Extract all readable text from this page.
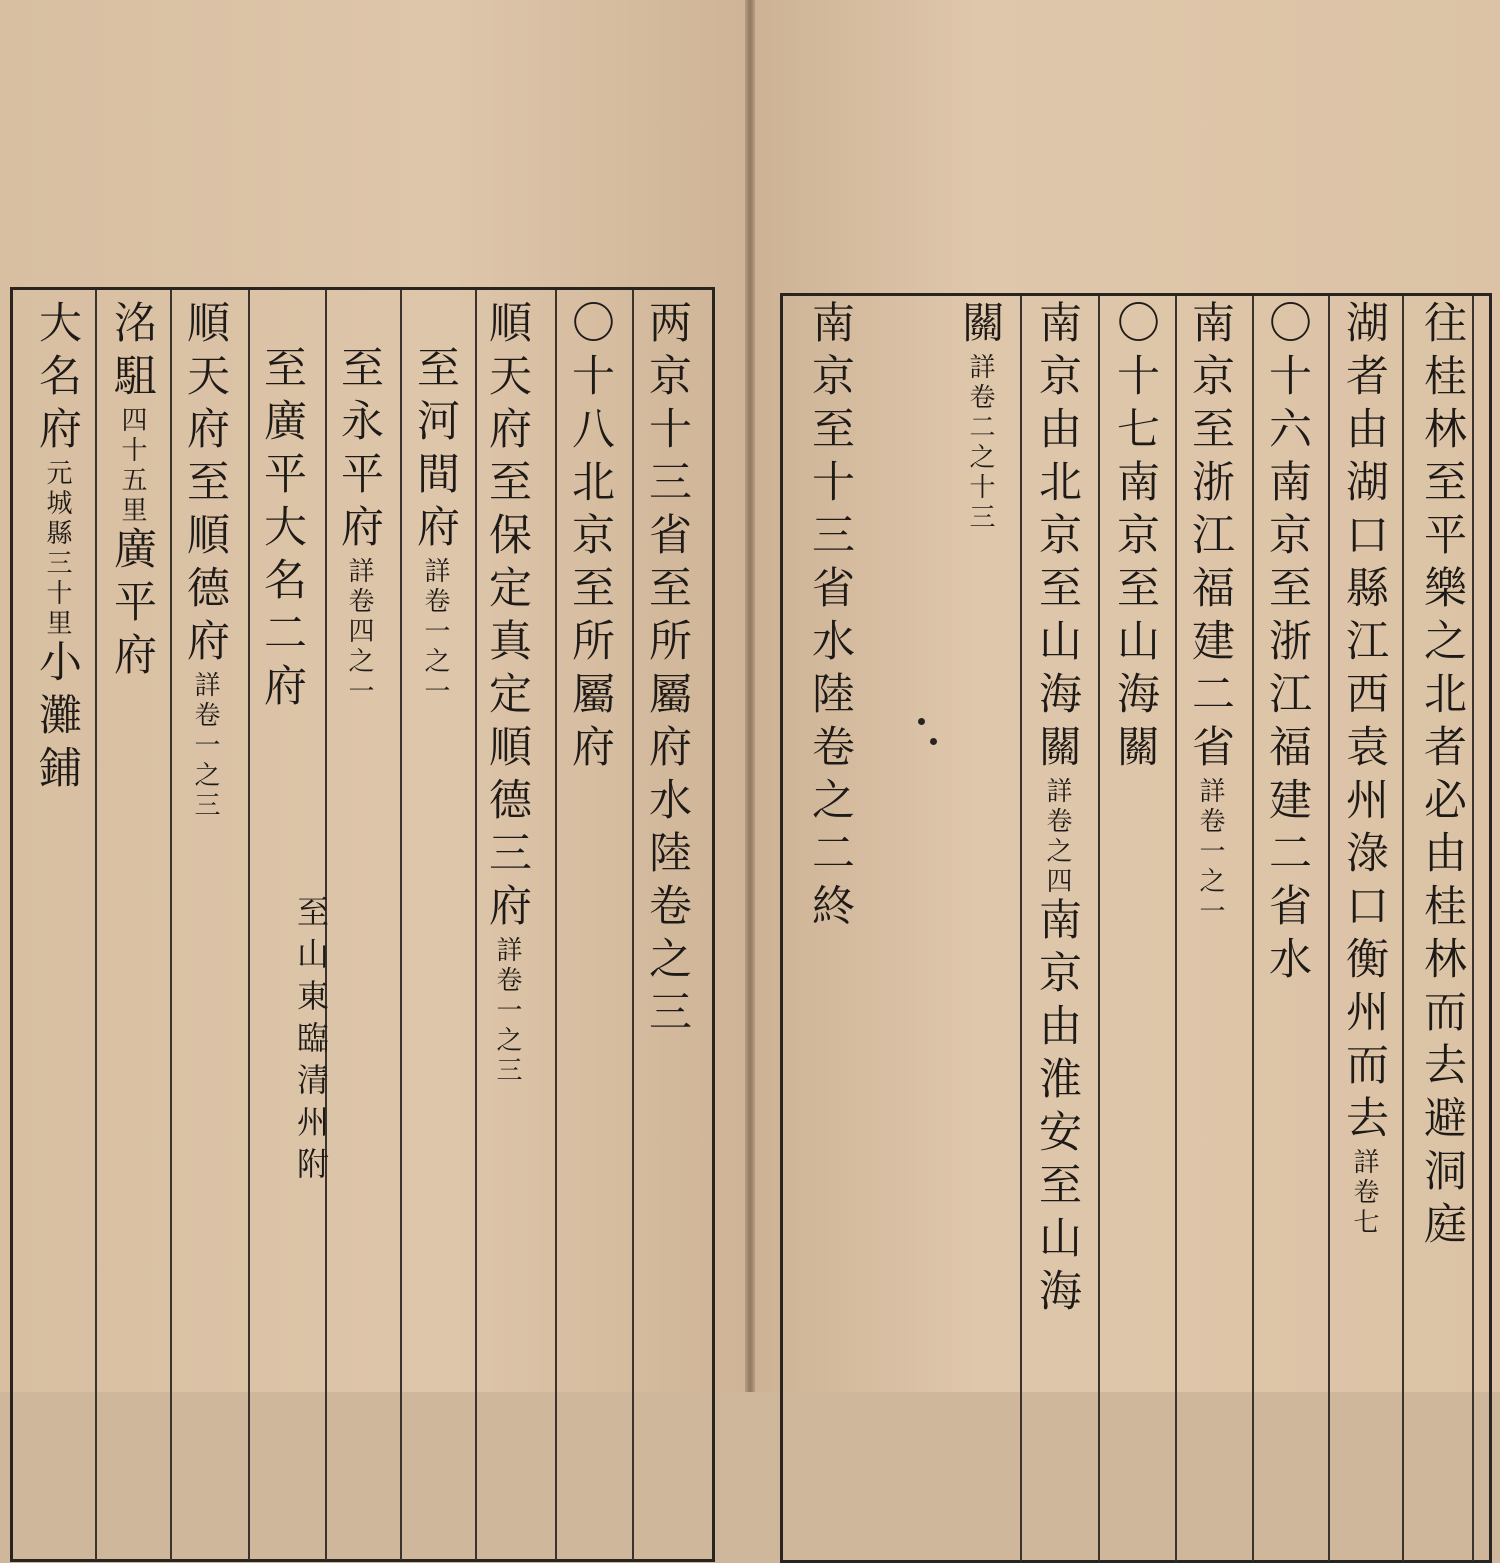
两京十三省至所屬府水陸卷之三
〇十八北京至所屬府
順天府至保定真定順德三府詳卷一之三
至河間府詳卷一之一
至永平府詳卷四之一
至廣平大名二府
至山東臨清州附
順天府至順德府詳卷一之三
洺駔四十五里廣平府
大名府元城縣三十里小灘鋪	往桂林至平樂之北者必由桂林而去避洞庭
湖者由湖口縣江西袁州淥口衡州而去詳卷七
〇十六南京至浙江福建二省水
南京至浙江福建二省詳卷一之一
〇十七南京至山海關
南京由北京至山海關詳卷之四南京由淮安至山海
關詳卷二之十三
南京至十三省水陸卷之二終
